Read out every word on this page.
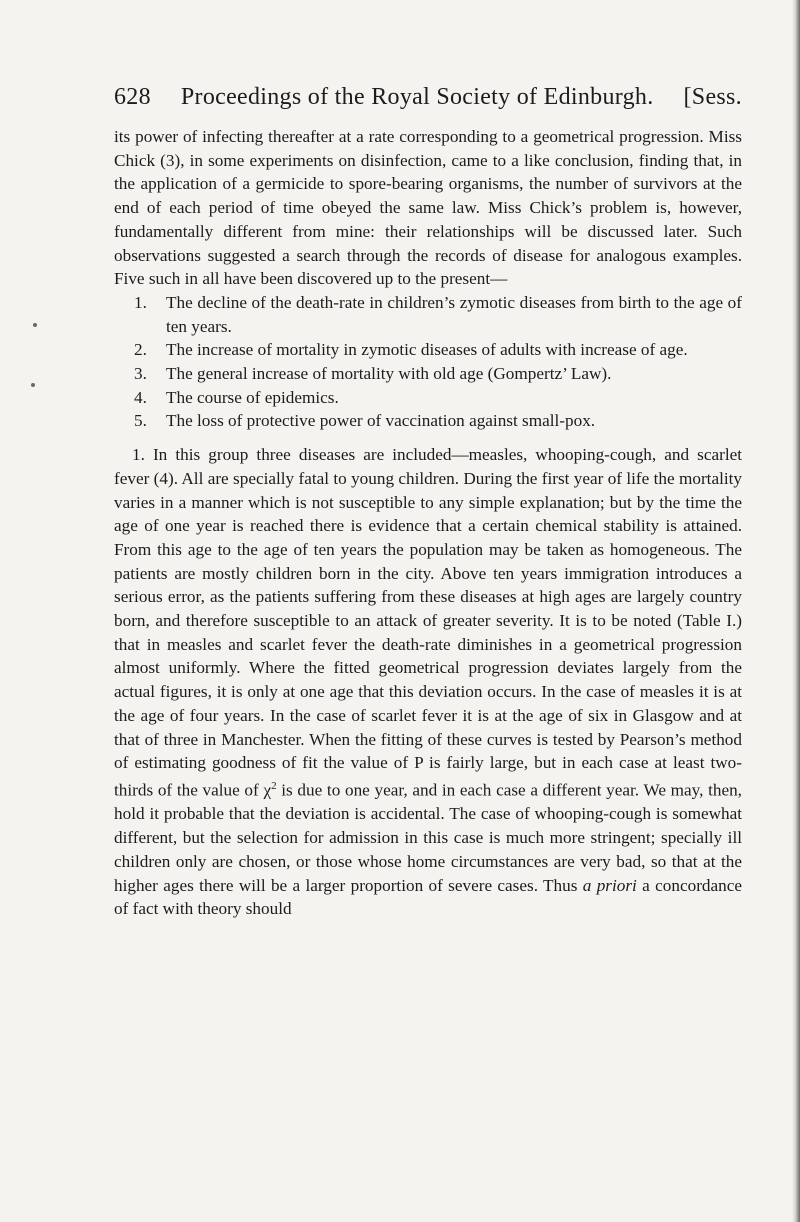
628 Proceedings of the Royal Society of Edinburgh. [Sess.

its power of infecting thereafter at a rate corresponding to a geometrical progression. Miss Chick (3), in some experiments on disinfection, came to a like conclusion, finding that, in the application of a germicide to spore-bearing organisms, the number of survivors at the end of each period of time obeyed the same law. Miss Chick’s problem is, however, fundamentally different from mine: their relationships will be discussed later. Such observations suggested a search through the records of disease for analogous examples. Five such in all have been discovered up to the present—

1. The decline of the death-rate in children’s zymotic diseases from birth to the age of ten years.
2. The increase of mortality in zymotic diseases of adults with increase of age.
3. The general increase of mortality with old age (Gompertz’ Law).
4. The course of epidemics.
5. The loss of protective power of vaccination against small-pox.

1. In this group three diseases are included—measles, whooping-cough, and scarlet fever (4). All are specially fatal to young children. During the first year of life the mortality varies in a manner which is not susceptible to any simple explanation; but by the time the age of one year is reached there is evidence that a certain chemical stability is attained. From this age to the age of ten years the population may be taken as homogeneous. The patients are mostly children born in the city. Above ten years immigration introduces a serious error, as the patients suffering from these diseases at high ages are largely country born, and therefore susceptible to an attack of greater severity. It is to be noted (Table I.) that in measles and scarlet fever the death-rate diminishes in a geometrical progression almost uniformly. Where the fitted geometrical progression deviates largely from the actual figures, it is only at one age that this deviation occurs. In the case of measles it is at the age of four years. In the case of scarlet fever it is at the age of six in Glasgow and at that of three in Manchester. When the fitting of these curves is tested by Pearson’s method of estimating goodness of fit the value of P is fairly large, but in each case at least two-thirds of the value of $\chi^2$ is due to one year, and in each case a different year. We may, then, hold it probable that the deviation is accidental. The case of whooping-cough is somewhat different, but the selection for admission in this case is much more stringent; specially ill children only are chosen, or those whose home circumstances are very bad, so that at the higher ages there will be a larger proportion of severe cases. Thus a priori a concordance of fact with theory should
